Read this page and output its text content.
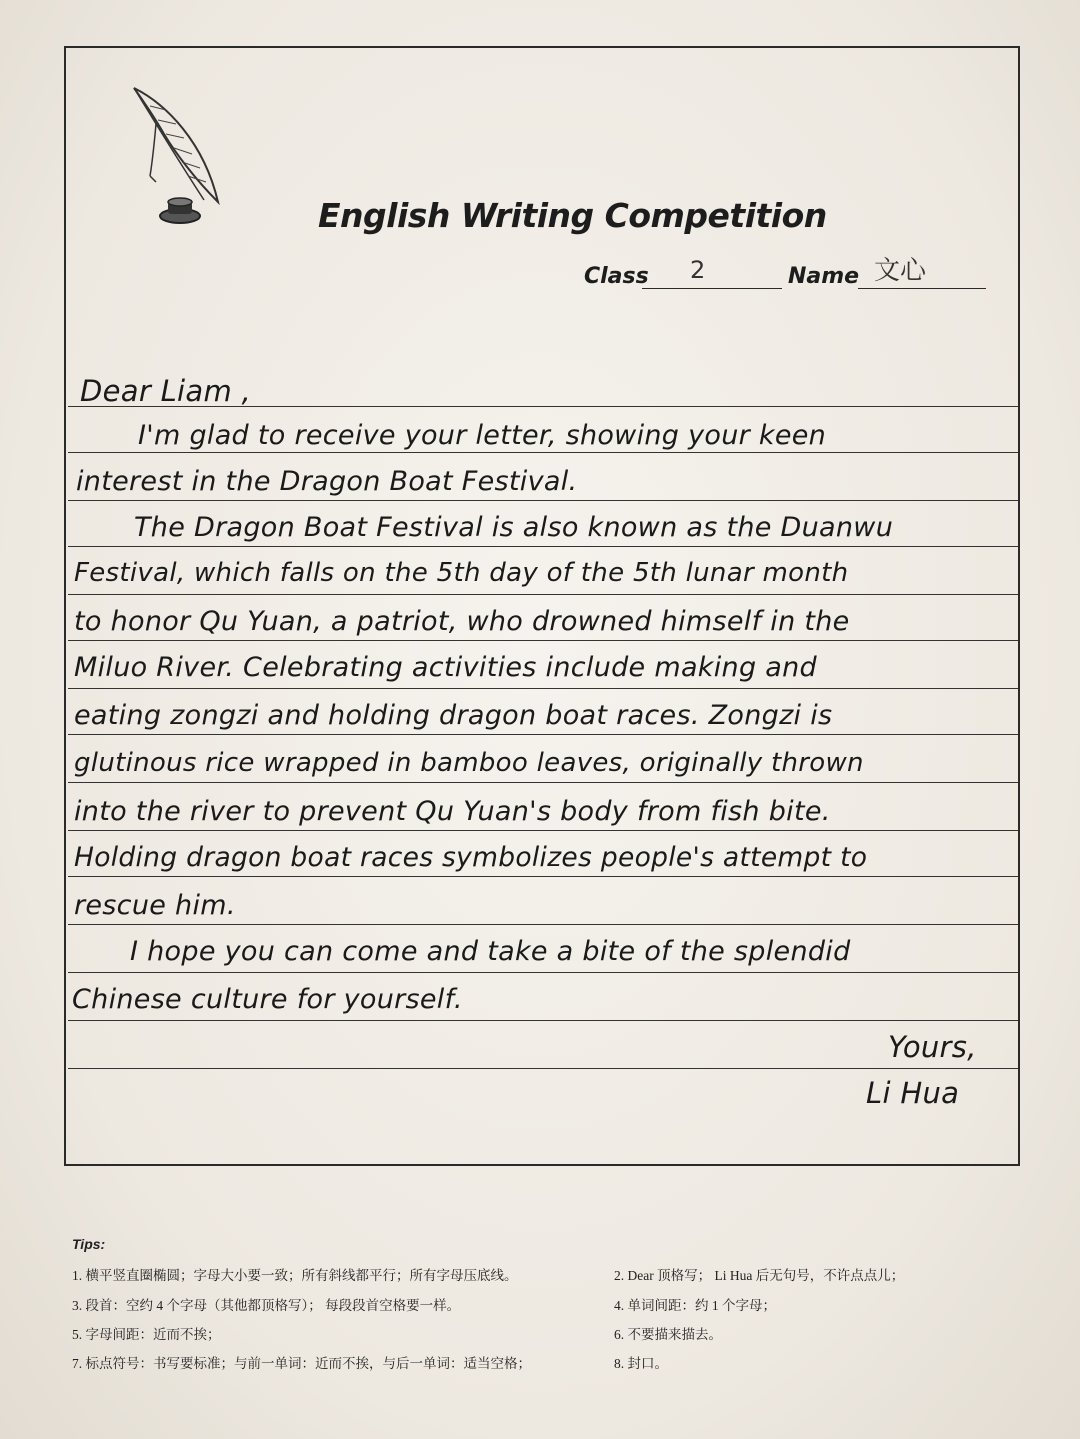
English Writing Competition
Class 2	Name 文心
Dear Liam ,
I'm glad to receive your letter, showing your keen
interest in the Dragon Boat Festival.
The Dragon Boat Festival is also known as the Duanwu
Festival, which falls on the 5th day of the 5th lunar month
to honor Qu Yuan, a patriot, who drowned himself in the
Miluo River. Celebrating activities include making and
eating zongzi and holding dragon boat races. Zongzi is
glutinous rice wrapped in bamboo leaves, originally thrown
into the river to prevent Qu Yuan's body from fish bite.
Holding dragon boat races symbolizes people's attempt to
rescue him.
I hope you can come and take a bite of the splendid
Chinese culture for yourself.
Yours,
Li Hua
Tips:
1. 横平竖直圈椭圆；字母大小要一致；所有斜线都平行；所有字母压底线。	2. Dear 顶格写； Li Hua 后无句号，不许点点儿；
3. 段首：空约 4 个字母（其他都顶格写）； 每段段首空格要一样。	4. 单词间距：约 1 个字母；
5. 字母间距：近而不挨；	6. 不要描来描去。
7. 标点符号：书写要标准；与前一单词：近而不挨，与后一单词：适当空格；	8. 封口。
